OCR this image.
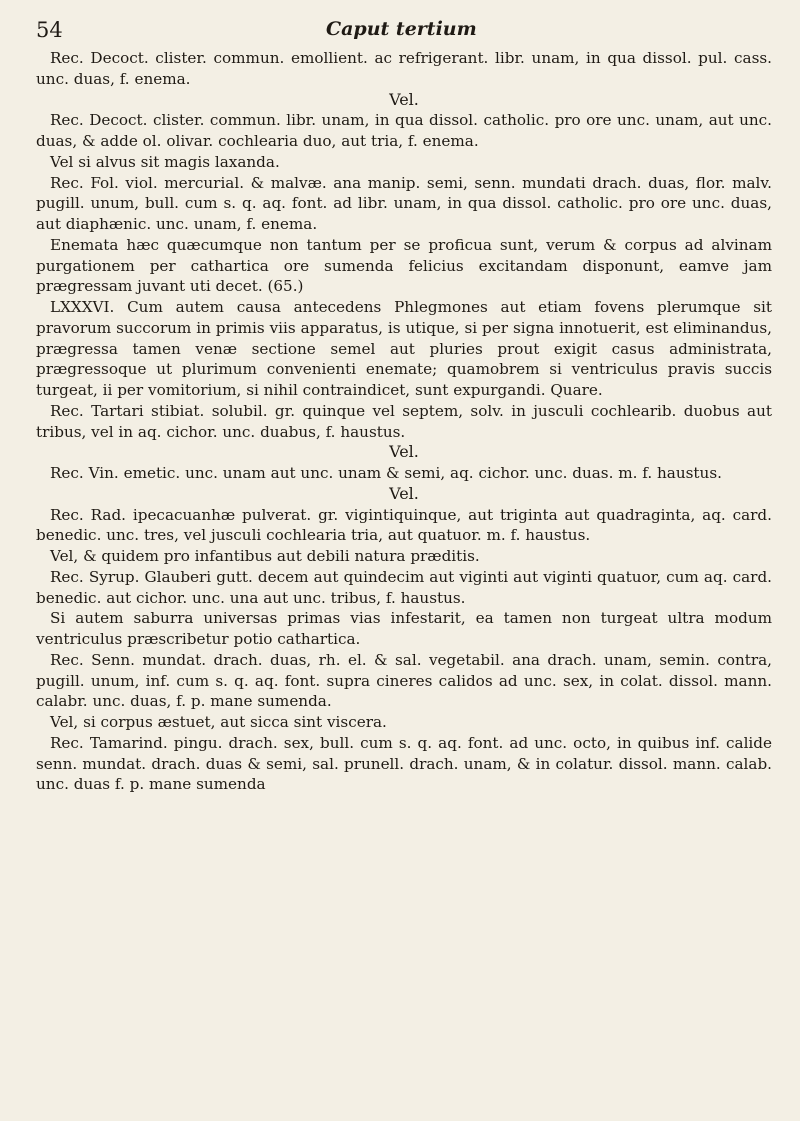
54	Caput tertium

Rec. Decoct. clister. commun. emollient. ac refrigerant. libr. unam, in qua dissol. pul. cass. unc. duas, f. enema.

Vel.

Rec. Decoct. clister. commun. libr. unam, in qua dissol. catholic. pro ore unc. unam, aut unc. duas, & adde ol. olivar. cochlearia duo, aut tria, f. enema.

Vel si alvus sit magis laxanda.

Rec. Fol. viol. mercurial. & malvæ. ana manip. semi, senn. mundati drach. duas, flor. malv. pugill. unum, bull. cum s. q. aq. font. ad libr. unam, in qua dissol. catholic. pro ore unc. duas, aut diaphænic. unc. unam, f. enema.

Enemata hæc quæcumque non tantum per se proficua sunt, verum & corpus ad alvinam purgationem per cathartica ore sumenda felicius excitandam disponunt, eamve jam prægressam juvant uti decet. (65.)

LXXXVI. Cum autem causa antecedens Phlegmones aut etiam fovens plerumque sit pravorum succorum in primis viis apparatus, is utique, si per signa innotuerit, est eliminandus, prægressa tamen venæ sectione semel aut pluries prout exigit casus administrata, prægressoque ut plurimum convenienti enemate; quamobrem si ventriculus pravis succis turgeat, ii per vomitorium, si nihil contraindicet, sunt expurgandi. Quare.

Rec. Tartari stibiat. solubil. gr. quinque vel septem, solv. in jusculi cochlearib. duobus aut tribus, vel in aq. cichor. unc. duabus, f. haustus.

Vel.

Rec. Vin. emetic. unc. unam aut unc. unam & semi, aq. cichor. unc. duas. m. f. haustus.

Vel.

Rec. Rad. ipecacuanhæ pulverat. gr. vigintiquinque, aut triginta aut quadraginta, aq. card. benedic. unc. tres, vel jusculi cochlearia tria, aut quatuor. m. f. haustus.

Vel, & quidem pro infantibus aut debili natura præditis.

Rec. Syrup. Glauberi gutt. decem aut quindecim aut viginti aut viginti quatuor, cum aq. card. benedic. aut cichor. unc. una aut unc. tribus, f. haustus.

Si autem saburra universas primas vias infestarit, ea tamen non turgeat ultra modum ventriculus præscribetur potio cathartica.

Rec. Senn. mundat. drach. duas, rh. el. & sal. vegetabil. ana drach. unam, semin. contra, pugill. unum, inf. cum s. q. aq. font. supra cineres calidos ad unc. sex, in colat. dissol. mann. calabr. unc. duas, f. p. mane sumenda.

Vel, si corpus æstuet, aut sicca sint viscera.

Rec. Tamarind. pingu. drach. sex, bull. cum s. q. aq. font. ad unc. octo, in quibus inf. calide senn. mundat. drach. duas & semi, sal. prunell. drach. unam, & in colatur. dissol. mann. calab. unc. duas f. p. mane sumenda
